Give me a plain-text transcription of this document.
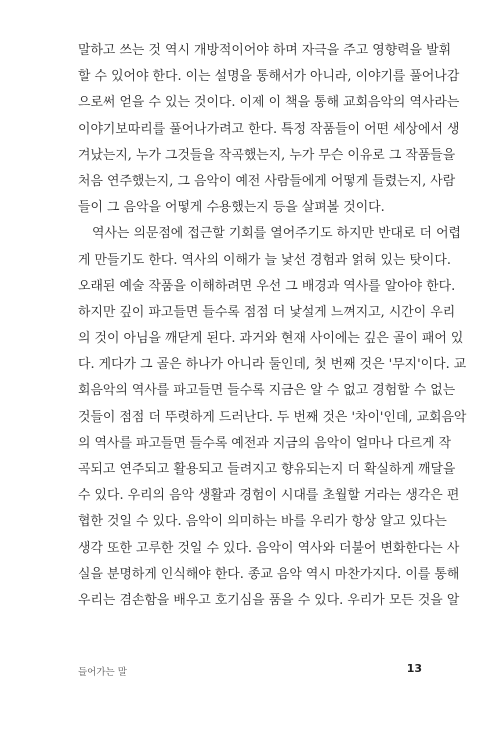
말하고 쓰는 것 역시 개방적이어야 하며 자극을 주고 영향력을 발휘
할 수 있어야 한다. 이는 설명을 통해서가 아니라, 이야기를 풀어나감
으로써 얻을 수 있는 것이다. 이제 이 책을 통해 교회음악의 역사라는
이야기보따리를 풀어나가려고 한다. 특정 작품들이 어떤 세상에서 생
겨났는지, 누가 그것들을 작곡했는지, 누가 무슨 이유로 그 작품들을
처음 연주했는지, 그 음악이 예전 사람들에게 어떻게 들렸는지, 사람
들이 그 음악을 어떻게 수용했는지 등을 살펴볼 것이다.
역사는 의문점에 접근할 기회를 열어주기도 하지만 반대로 더 어렵
게 만들기도 한다. 역사의 이해가 늘 낯선 경험과 얽혀 있는 탓이다.
오래된 예술 작품을 이해하려면 우선 그 배경과 역사를 알아야 한다.
하지만 깊이 파고들면 들수록 점점 더 낯설게 느껴지고, 시간이 우리
의 것이 아님을 깨닫게 된다. 과거와 현재 사이에는 깊은 골이 패어 있
다. 게다가 그 골은 하나가 아니라 둘인데, 첫 번째 것은 '무지'이다. 교
회음악의 역사를 파고들면 들수록 지금은 알 수 없고 경험할 수 없는
것들이 점점 더 뚜렷하게 드러난다. 두 번째 것은 '차이'인데, 교회음악
의 역사를 파고들면 들수록 예전과 지금의 음악이 얼마나 다르게 작
곡되고 연주되고 활용되고 들려지고 향유되는지 더 확실하게 깨달을
수 있다. 우리의 음악 생활과 경험이 시대를 초월할 거라는 생각은 편
협한 것일 수 있다. 음악이 의미하는 바를 우리가 항상 알고 있다는
생각 또한 고루한 것일 수 있다. 음악이 역사와 더불어 변화한다는 사
실을 분명하게 인식해야 한다. 종교 음악 역시 마찬가지다. 이를 통해
우리는 겸손함을 배우고 호기심을 품을 수 있다. 우리가 모든 것을 알
들어가는 말	13
